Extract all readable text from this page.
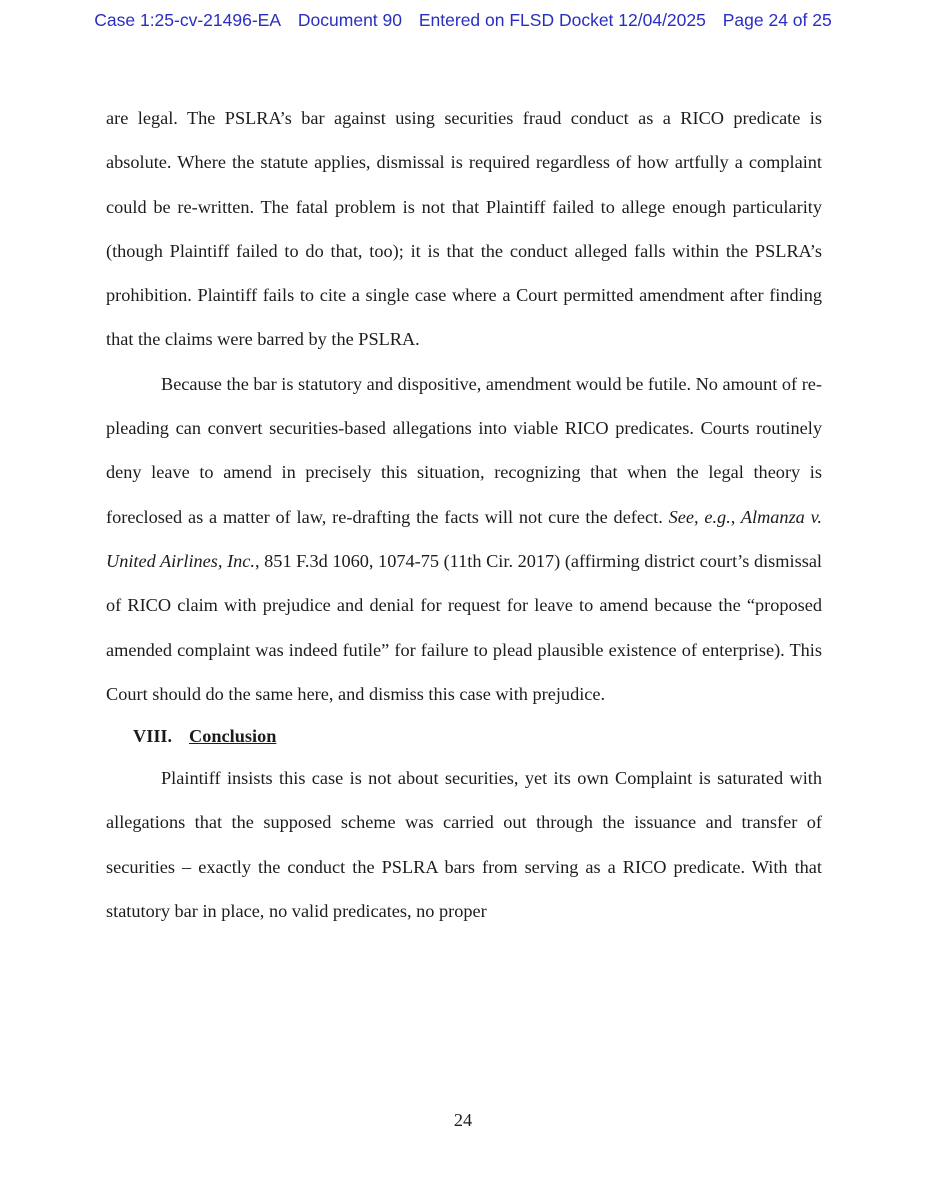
Case 1:25-cv-21496-EA Document 90 Entered on FLSD Docket 12/04/2025 Page 24 of 25

are legal. The PSLRA’s bar against using securities fraud conduct as a RICO predicate is absolute. Where the statute applies, dismissal is required regardless of how artfully a complaint could be re-written. The fatal problem is not that Plaintiff failed to allege enough particularity (though Plaintiff failed to do that, too); it is that the conduct alleged falls within the PSLRA’s prohibition. Plaintiff fails to cite a single case where a Court permitted amendment after finding that the claims were barred by the PSLRA.

Because the bar is statutory and dispositive, amendment would be futile. No amount of re-pleading can convert securities-based allegations into viable RICO predicates. Courts routinely deny leave to amend in precisely this situation, recognizing that when the legal theory is foreclosed as a matter of law, re-drafting the facts will not cure the defect. See, e.g., Almanza v. United Airlines, Inc., 851 F.3d 1060, 1074-75 (11th Cir. 2017) (affirming district court’s dismissal of RICO claim with prejudice and denial for request for leave to amend because the “proposed amended complaint was indeed futile” for failure to plead plausible existence of enterprise). This Court should do the same here, and dismiss this case with prejudice.

VIII. Conclusion

Plaintiff insists this case is not about securities, yet its own Complaint is saturated with allegations that the supposed scheme was carried out through the issuance and transfer of securities – exactly the conduct the PSLRA bars from serving as a RICO predicate. With that statutory bar in place, no valid predicates, no proper

24
